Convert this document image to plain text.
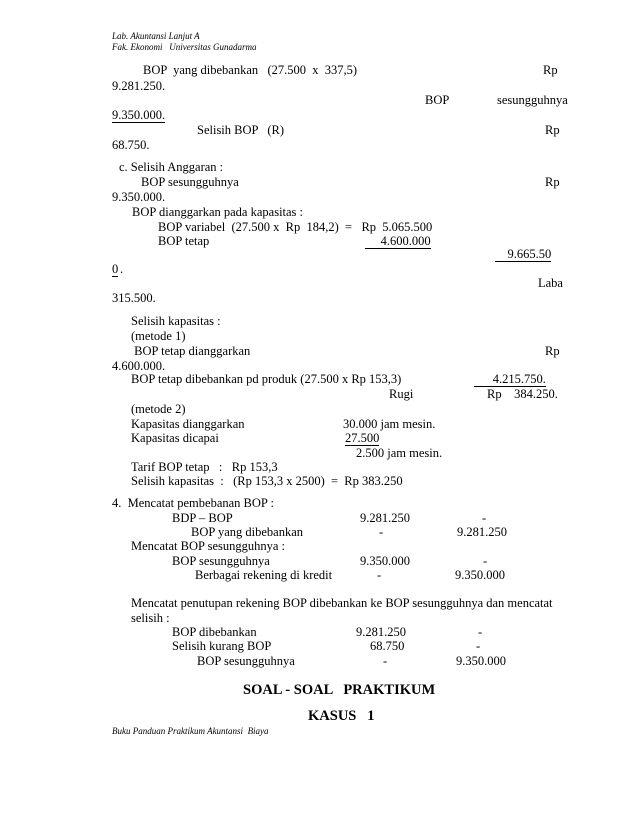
Lab. Akuntansi Lanjut A
Fak. Ekonomi   Universitas Gunadarma
BOP  yang dibebankan   (27.500  x  337,5)	Rp
9.281.250.
BOP	sesungguhnya
9.350.000.
Selisih BOP   (R)	Rp
68.750.
c. Selisih Anggaran :
BOP sesungguhnya	Rp
9.350.000.
BOP dianggarkan pada kapasitas :
BOP variabel  (27.500 x  Rp  184,2)  =   Rp  5.065.500
BOP tetap	4.600.000
9.665.50
0 .
Laba
315.500.
Selisih kapasitas :
(metode 1)
BOP tetap dianggarkan	Rp
4.600.000.
BOP tetap dibebankan pd produk (27.500 x Rp 153,3)	4.215.750.
Rugi	Rp    384.250.
(metode 2)
Kapasitas dianggarkan	30.000 jam mesin.
Kapasitas dicapai	27.500
2.500 jam mesin.
Tarif BOP tetap   :   Rp 153,3
Selisih kapasitas  :   (Rp 153,3 x 2500)  =  Rp 383.250
4.  Mencatat pembebanan BOP :
BDP – BOP	9.281.250	-
BOP yang dibebankan	-	9.281.250
Mencatat BOP sesungguhnya :
BOP sesungguhnya	9.350.000	-
Berbagai rekening di kredit	-	9.350.000
Mencatat penutupan rekening BOP dibebankan ke BOP sesungguhnya dan mencatat
selisih :
BOP dibebankan	9.281.250	-
Selisih kurang BOP	68.750	-
BOP sesungguhnya	-	9.350.000
SOAL - SOAL   PRAKTIKUM
KASUS   1
Buku Panduan Praktikum Akuntansi  Biaya
